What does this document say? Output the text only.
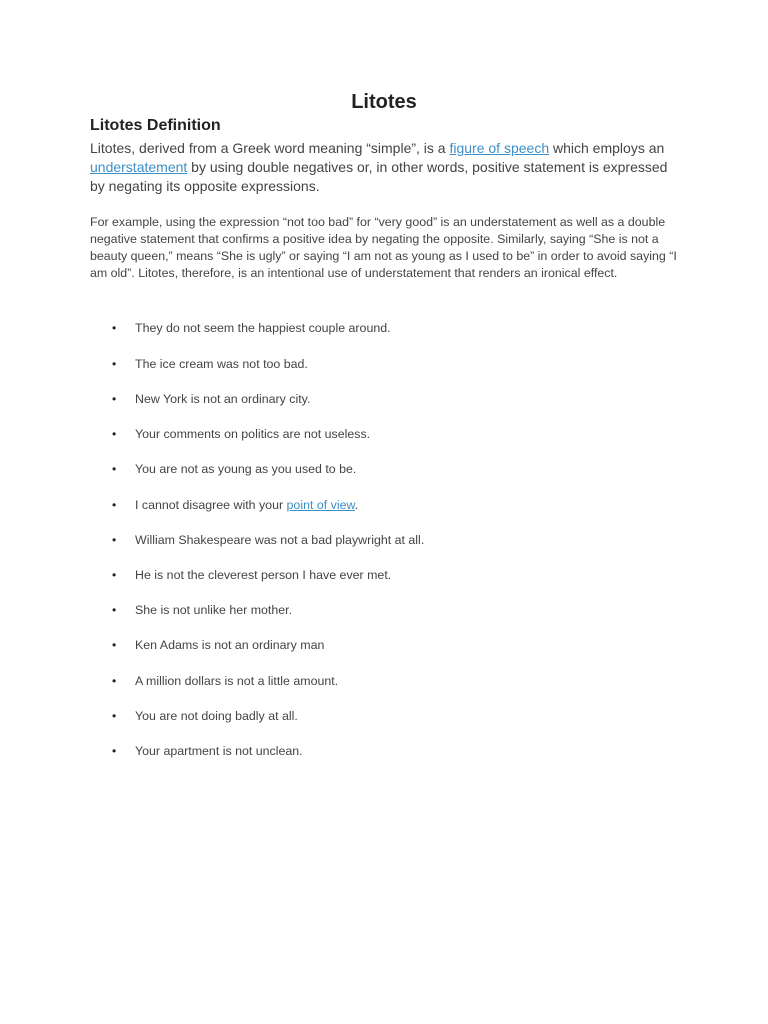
Litotes
Litotes Definition

Litotes, derived from a Greek word meaning “simple”, is a figure of speech which employs an understatement by using double negatives or, in other words, positive statement is expressed by negating its opposite expressions.

For example, using the expression “not too bad” for “very good” is an understatement as well as a double negative statement that confirms a positive idea by negating the opposite. Similarly, saying “She is not a beauty queen,” means “She is ugly” or saying “I am not as young as I used to be” in order to avoid saying “I am old”. Litotes, therefore, is an intentional use of understatement that renders an ironical effect.

• They do not seem the happiest couple around.
• The ice cream was not too bad.
• New York is not an ordinary city.
• Your comments on politics are not useless.
• You are not as young as you used to be.
• I cannot disagree with your point of view.
• William Shakespeare was not a bad playwright at all.
• He is not the cleverest person I have ever met.
• She is not unlike her mother.
• Ken Adams is not an ordinary man
• A million dollars is not a little amount.
• You are not doing badly at all.
• Your apartment is not unclean.
